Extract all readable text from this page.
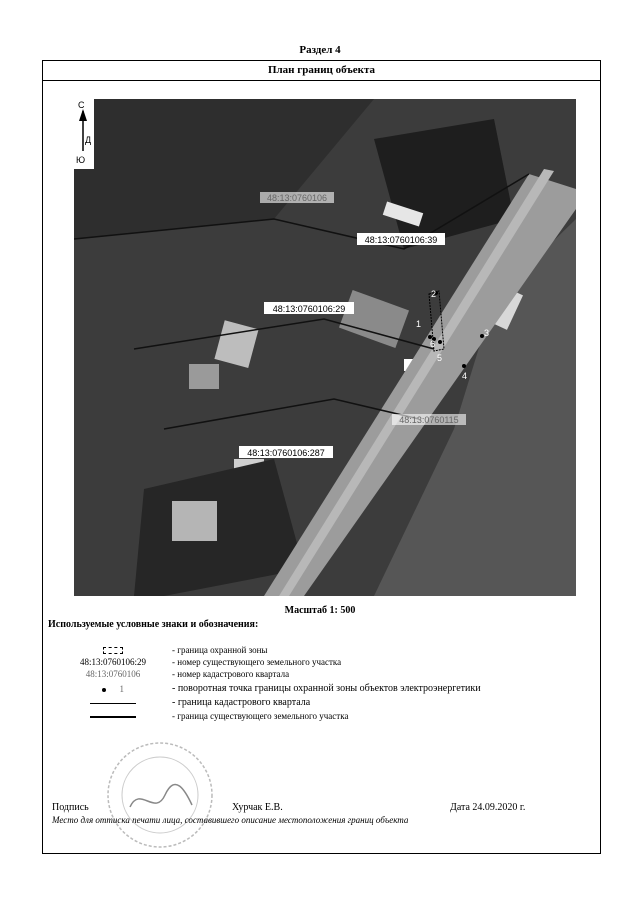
Раздел 4
План границ объекта
48:13:0760106
48:13:0760106:39
48:13:0760106:29
48:13:0760115
48:13:0760106:287
1
2
3
4
5
6
С
Д
Ю
Масштаб 1: 500
Используемые условные знаки и обозначения:
- граница охранной зоны
48:13:0760106:29	- номер существующего земельного участка
48:13:0760106	- номер кадастрового квартала
1	- поворотная точка границы охранной зоны объектов электроэнергетики
- граница кадастрового квартала
- граница существующего земельного участка
Подпись	Хурчак Е.В.	Дата 24.09.2020 г.
Место для оттиска печати лица, составившего описание местоположения границ объекта
